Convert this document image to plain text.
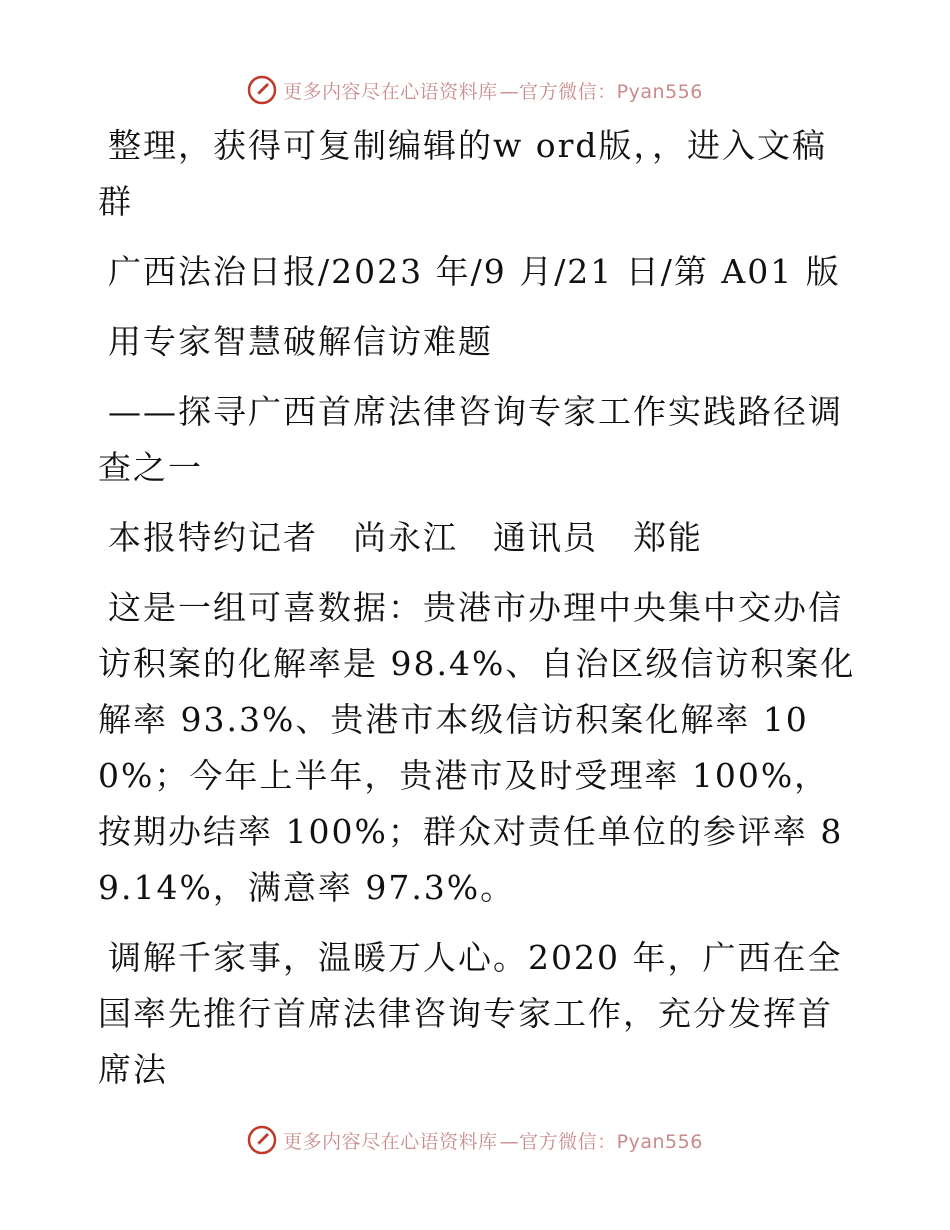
更多内容尽在心语资料库 —官方微信：Pyan556

整理，获得可复制编辑的w ord版，，进入文稿群

广西法治日报/2023 年/9 月/21 日/第 A01 版

用专家智慧破解信访难题

——探寻广西首席法律咨询专家工作实践路径调查之一

本报特约记者　尚永江　通讯员　郑能

这是一组可喜数据：贵港市办理中央集中交办信访积案的化解率是 98.4%、自治区级信访积案化解率 93.3%、贵港市本级信访积案化解率 100%；今年上半年，贵港市及时受理率 100%，按期办结率 100%；群众对责任单位的参评率 89.14%，满意率 97.3%。

调解千家事，温暖万人心。2020 年，广西在全国率先推行首席法律咨询专家工作，充分发挥首席法

更多内容尽在心语资料库 —官方微信：Pyan556
